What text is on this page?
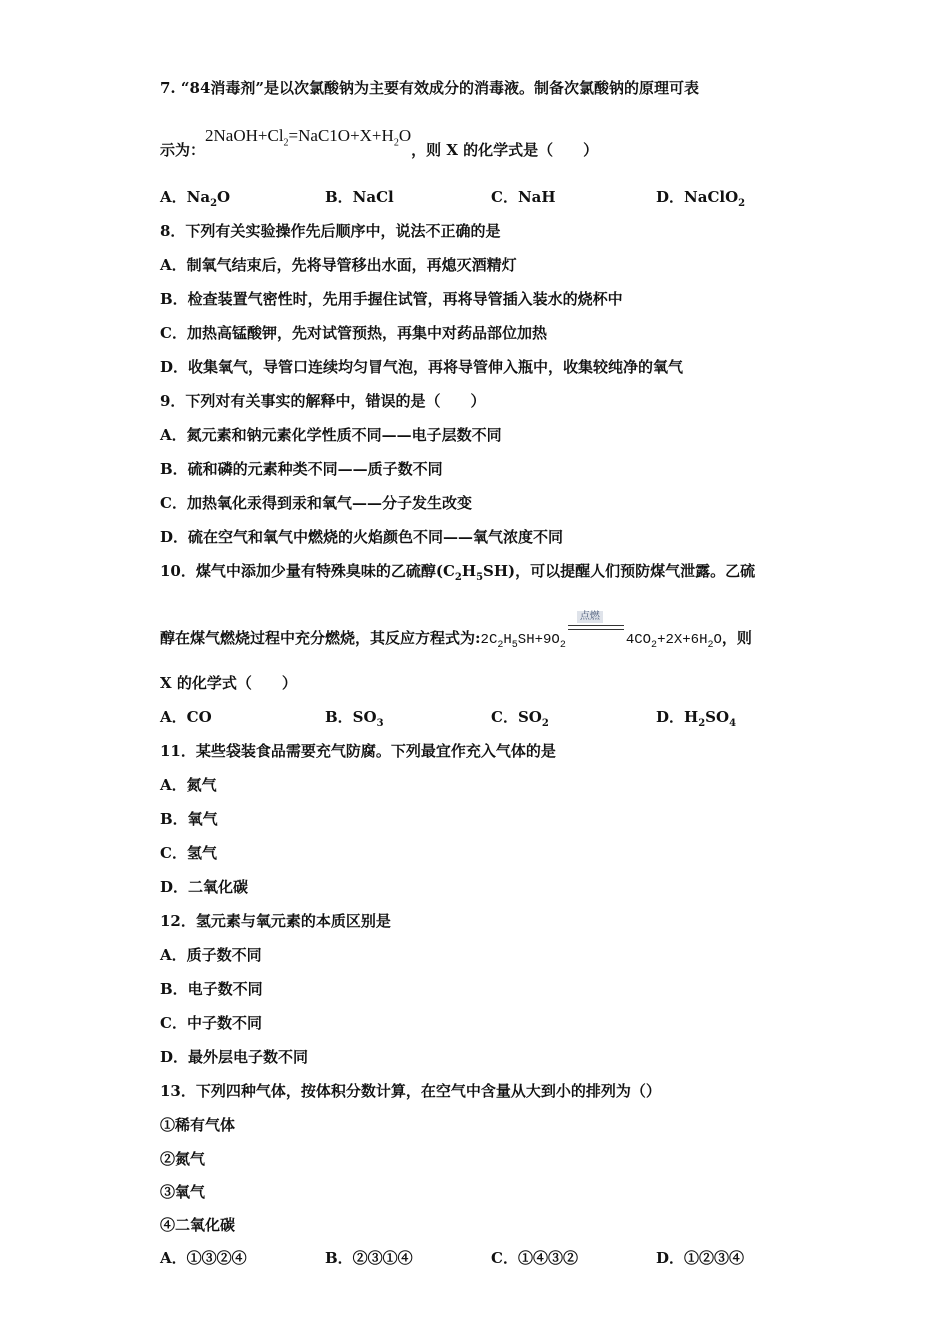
7. “84消毒剂”是以次氯酸钠为主要有效成分的消毒液。制备次氯酸钠的原理可表
示为：$2NaOH+Cl_2=NaC1O+X+H_2O$，则 X 的化学式是（　　）
A．$Na_2O$	B．NaCl	C．NaH	D．NaClO$_2$
8．下列有关实验操作先后顺序中，说法不正确的是
A．制氧气结束后，先将导管移出水面，再熄灭酒精灯
B．检查装置气密性时，先用手握住试管，再将导管插入装水的烧杯中
C．加热高锰酸钾，先对试管预热，再集中对药品部位加热
D．收集氧气，导管口连续均匀冒气泡，再将导管伸入瓶中，收集较纯净的氧气
9．下列对有关事实的解释中，错误的是（　　）
A．氮元素和钠元素化学性质不同——电子层数不同
B．硫和磷的元素种类不同——质子数不同
C．加热氧化汞得到汞和氧气——分子发生改变
D．硫在空气和氧气中燃烧的火焰颜色不同——氧气浓度不同
10．煤气中添加少量有特殊臭味的乙硫醇$(C_2H_5SH)$，可以提醒人们预防煤气泄露。乙硫
醇在煤气燃烧过程中充分燃烧，其反应方程式为$:2C_2H_5SH+9O_2$
点燃
$4CO_2+2X+6H_2O$，则
X 的化学式（　　）
A．CO	B．$SO_3$	C．$SO_2$	D．$H_2SO_4$
11．某些袋装食品需要充气防腐。下列最宜作充入气体的是
A．氮气
B．氧气
C．氢气
D．二氧化碳
12．氢元素与氧元素的本质区别是
A．质子数不同
B．电子数不同
C．中子数不同
D．最外层电子数不同
13．下列四种气体，按体积分数计算，在空气中含量从大到小的排列为（）
①稀有气体
②氮气
③氧气
④二氧化碳
A．①③②④	B．②③①④	C．①④③②	D．①②③④
